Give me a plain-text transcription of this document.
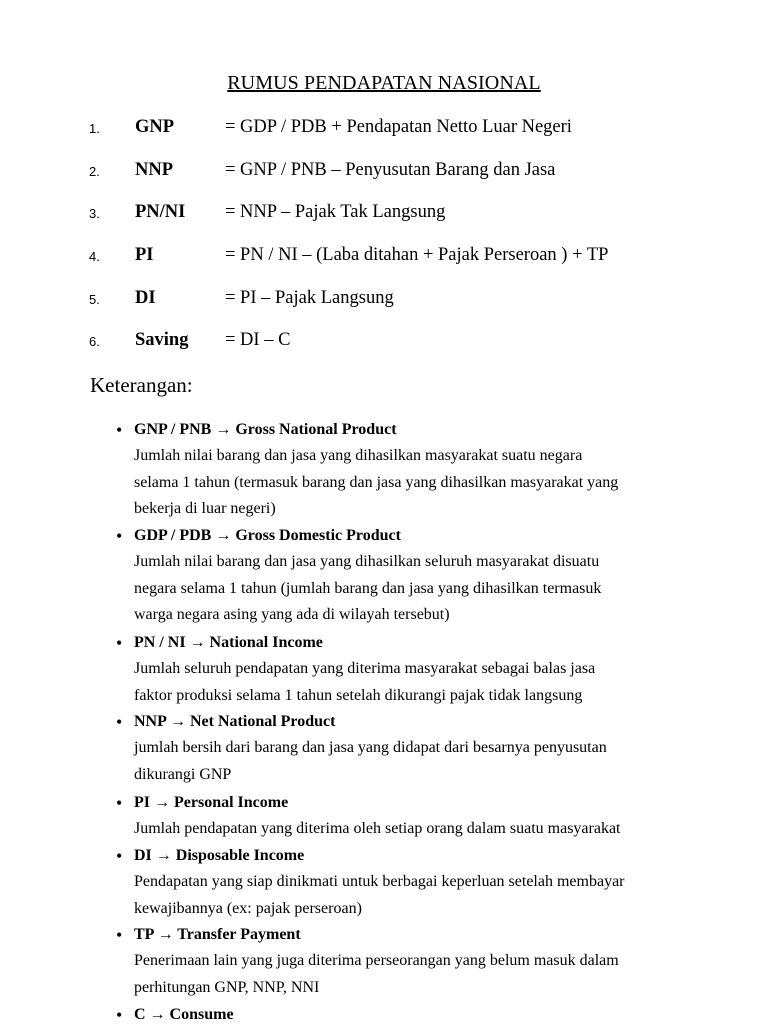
RUMUS PENDAPATAN NASIONAL
1. GNP	= GDP / PDB + Pendapatan Netto Luar Negeri
2. NNP	= GNP / PNB – Penyusutan Barang dan Jasa
3. PN/NI = NNP – Pajak Tak Langsung
4. PI	= PN / NI – (Laba ditahan + Pajak Perseroan ) + TP
5. DI	= PI – Pajak Langsung
6. Saving = DI – C
Keterangan:
• GNP / PNB → Gross National Product
Jumlah nilai barang dan jasa yang dihasilkan masyarakat suatu negara
selama 1 tahun (termasuk barang dan jasa yang dihasilkan masyarakat yang
bekerja di luar negeri)
• GDP / PDB → Gross Domestic Product
Jumlah nilai barang dan jasa yang dihasilkan seluruh masyarakat disuatu
negara selama 1 tahun (jumlah barang dan jasa yang dihasilkan termasuk
warga negara asing yang ada di wilayah tersebut)
• PN / NI → National Income
Jumlah seluruh pendapatan yang diterima masyarakat sebagai balas jasa
faktor produksi selama 1 tahun setelah dikurangi pajak tidak langsung
• NNP → Net National Product
jumlah bersih dari barang dan jasa yang didapat dari besarnya penyusutan
dikurangi GNP
• PI → Personal Income
Jumlah pendapatan yang diterima oleh setiap orang dalam suatu masyarakat
• DI → Disposable Income
Pendapatan yang siap dinikmati untuk berbagai keperluan setelah membayar
kewajibannya (ex: pajak perseroan)
• TP → Transfer Payment
Penerimaan lain yang juga diterima perseorangan yang belum masuk dalam
perhitungan GNP, NNP, NNI
• C → Consume
